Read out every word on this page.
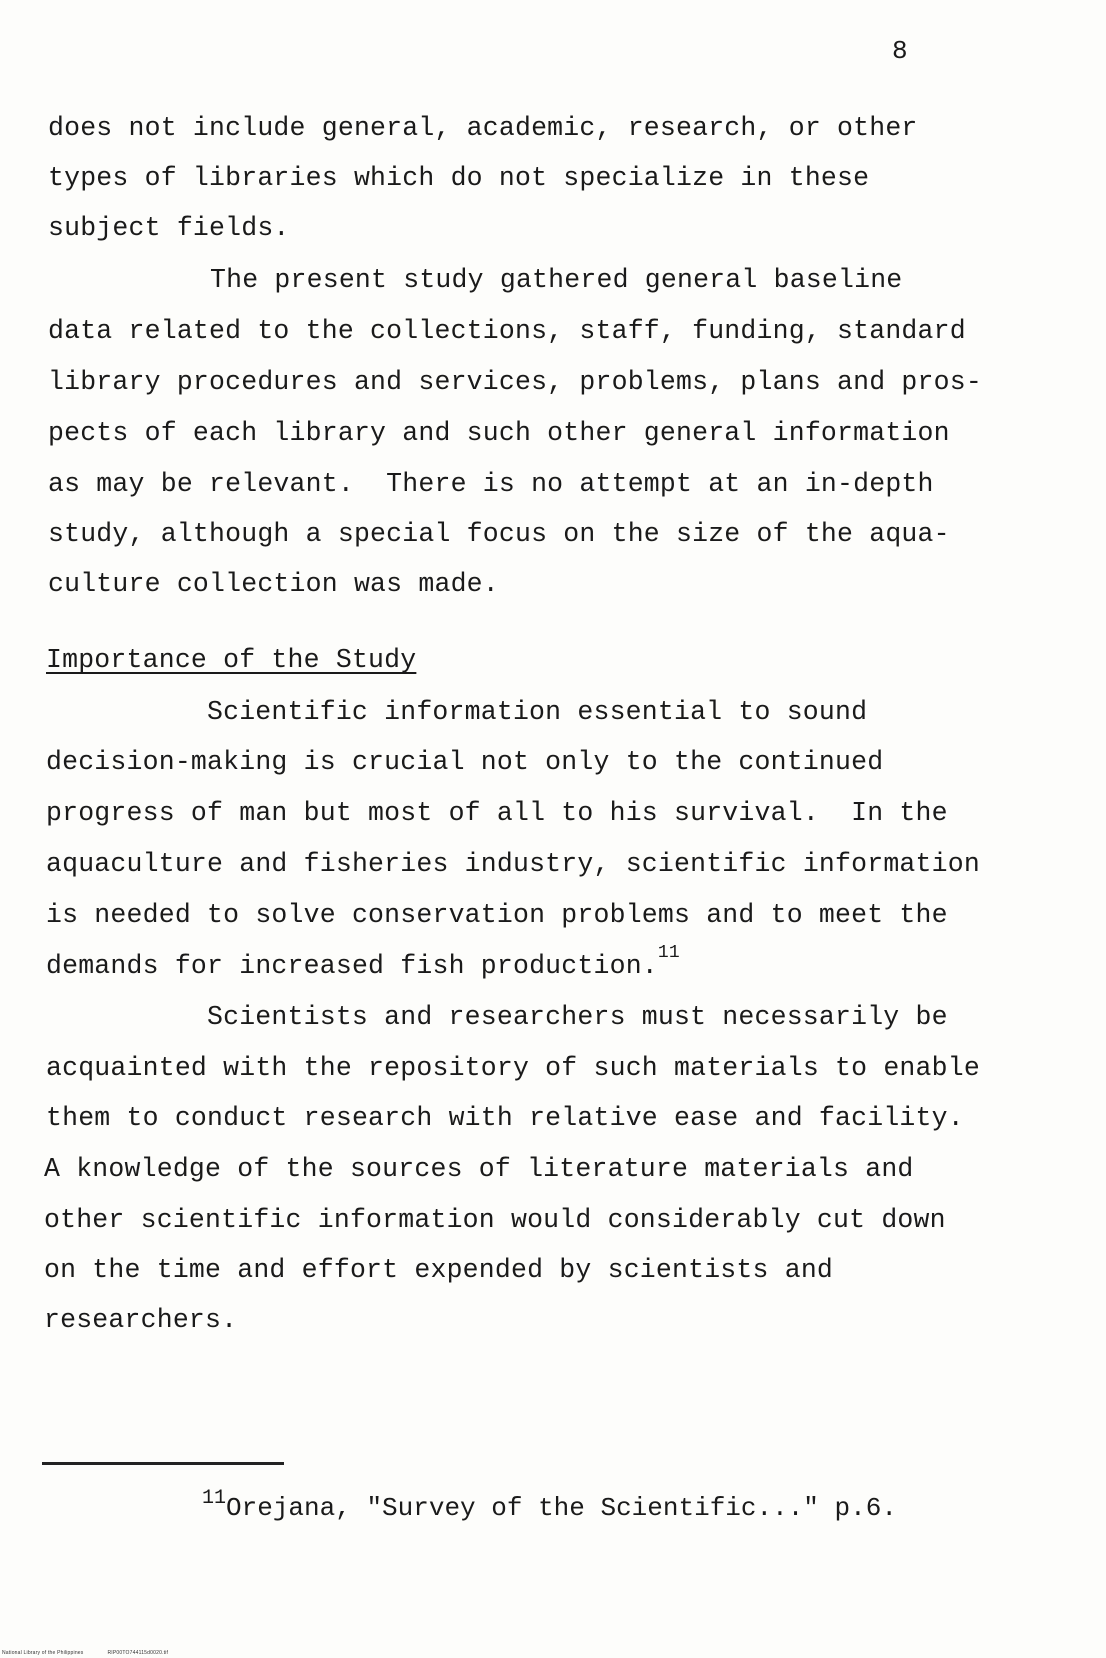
8
does not include general, academic, research, or other
types of libraries which do not specialize in these
subject fields.
The present study gathered general baseline
data related to the collections, staff, funding, standard
library procedures and services, problems, plans and pros-
pects of each library and such other general information
as may be relevant.  There is no attempt at an in-depth
study, although a special focus on the size of the aqua-
culture collection was made.
Importance of the Study
Scientific information essential to sound
decision-making is crucial not only to the continued
progress of man but most of all to his survival.  In the
aquaculture and fisheries industry, scientific information
is needed to solve conservation problems and to meet the
demands for increased fish production.$^{11}$
Scientists and researchers must necessarily be
acquainted with the repository of such materials to enable
them to conduct research with relative ease and facility.
A knowledge of the sources of literature materials and
other scientific information would considerably cut down
on the time and effort expended by scientists and
researchers.
$^{11}$Orejana, "Survey of the Scientific..." p.6.
National Library of the Philippines	RIP00TO744115d0020.tif
